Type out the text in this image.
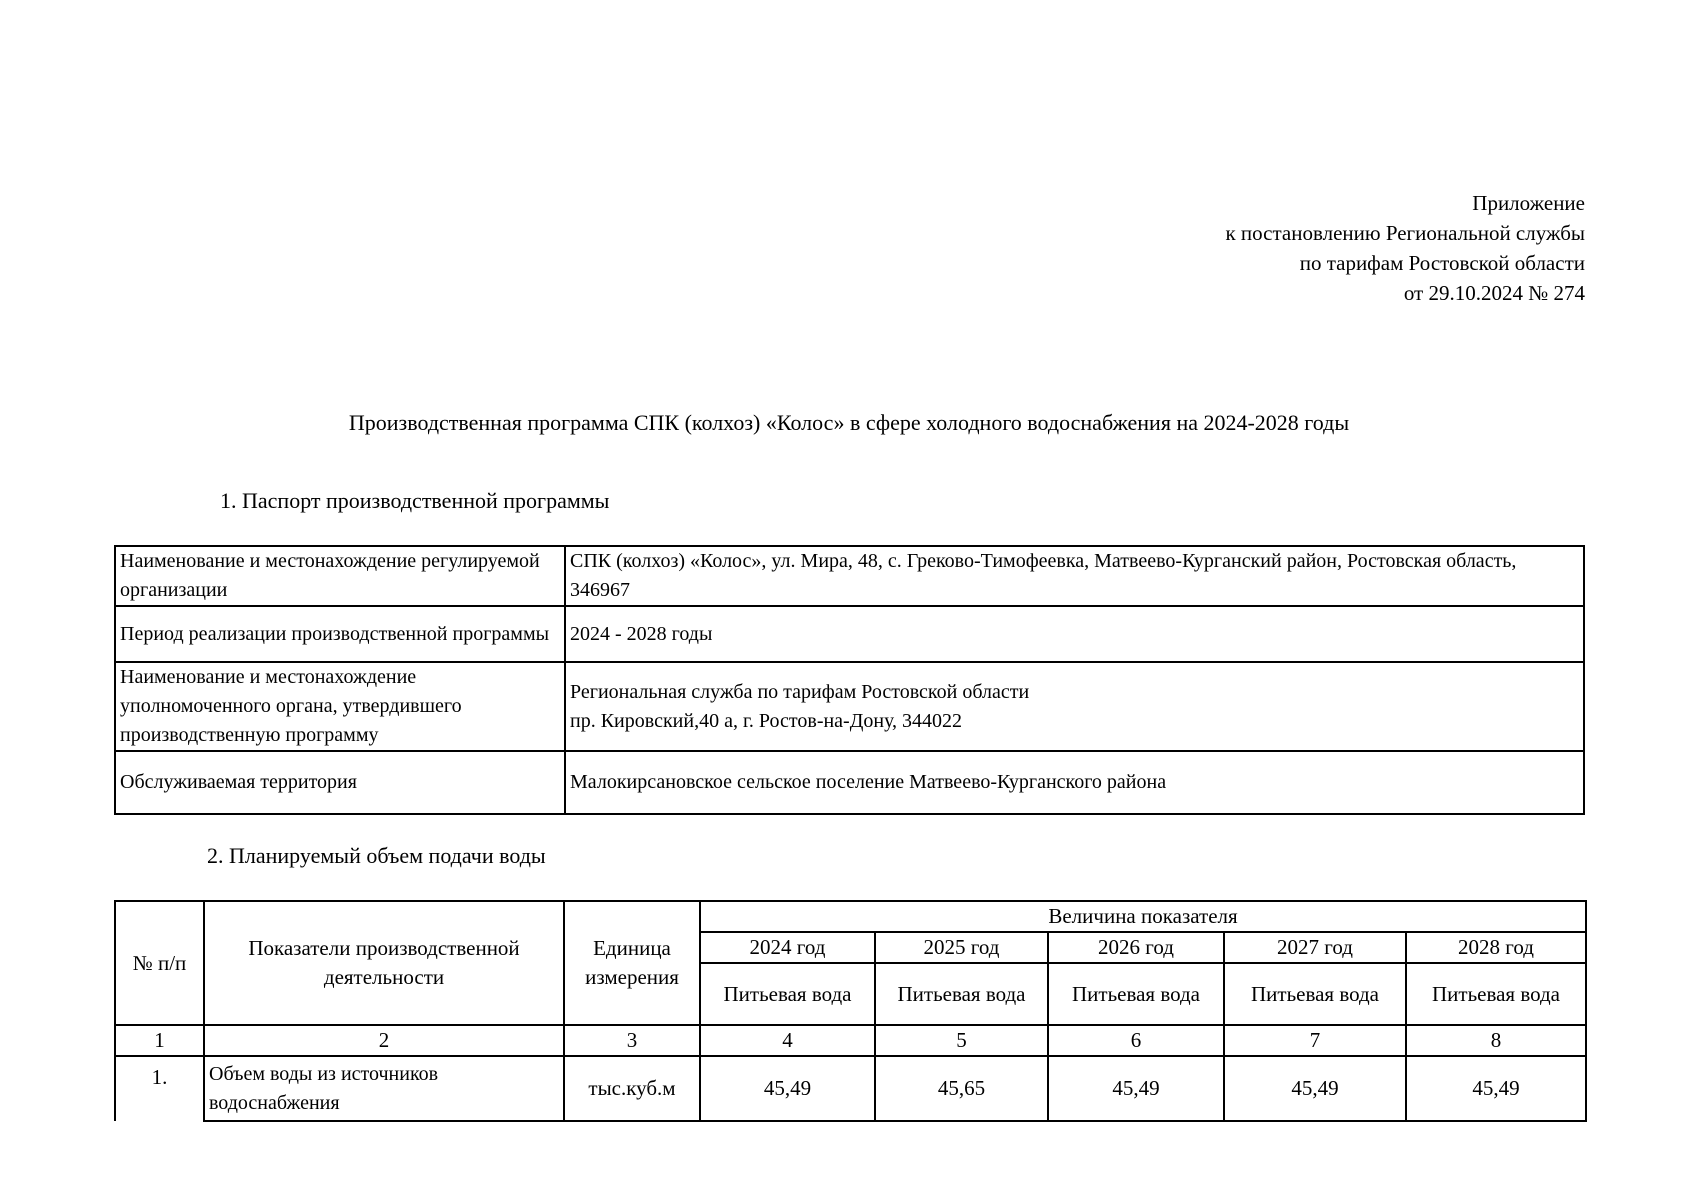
Приложение
к постановлению Региональной службы
по тарифам Ростовской области
от 29.10.2024 № 274
Производственная программа СПК (колхоз) «Колос» в сфере холодного водоснабжения на 2024-2028 годы
1. Паспорт производственной программы
Наименование и местонахождение регулируемой организации	СПК (колхоз) «Колос», ул. Мира, 48, с. Греково-Тимофеевка, Матвеево-Курганский район, Ростовская область, 346967

Период реализации производственной программы	2024 - 2028 годы

Наименование и местонахождение уполномоченного органа, утвердившего производственную программу	Региональная служба по тарифам Ростовской области
пр. Кировский,40 а, г. Ростов-на-Дону, 344022

Обслуживаемая территория	Малокирсановское сельское поселение Матвеево-Курганского района
2. Планируемый объем подачи воды
№ п/п	Показатели производственной деятельности	Единица измерения	Величина показателя				
			2024 год	2025 год	2026 год	2027 год	2028 год
			Питьевая вода	Питьевая вода	Питьевая вода	Питьевая вода	Питьевая вода
1	2	3	4	5	6	7	8
1.	Объем воды из источников водоснабжения	тыс.куб.м	45,49	45,65	45,49	45,49	45,49
